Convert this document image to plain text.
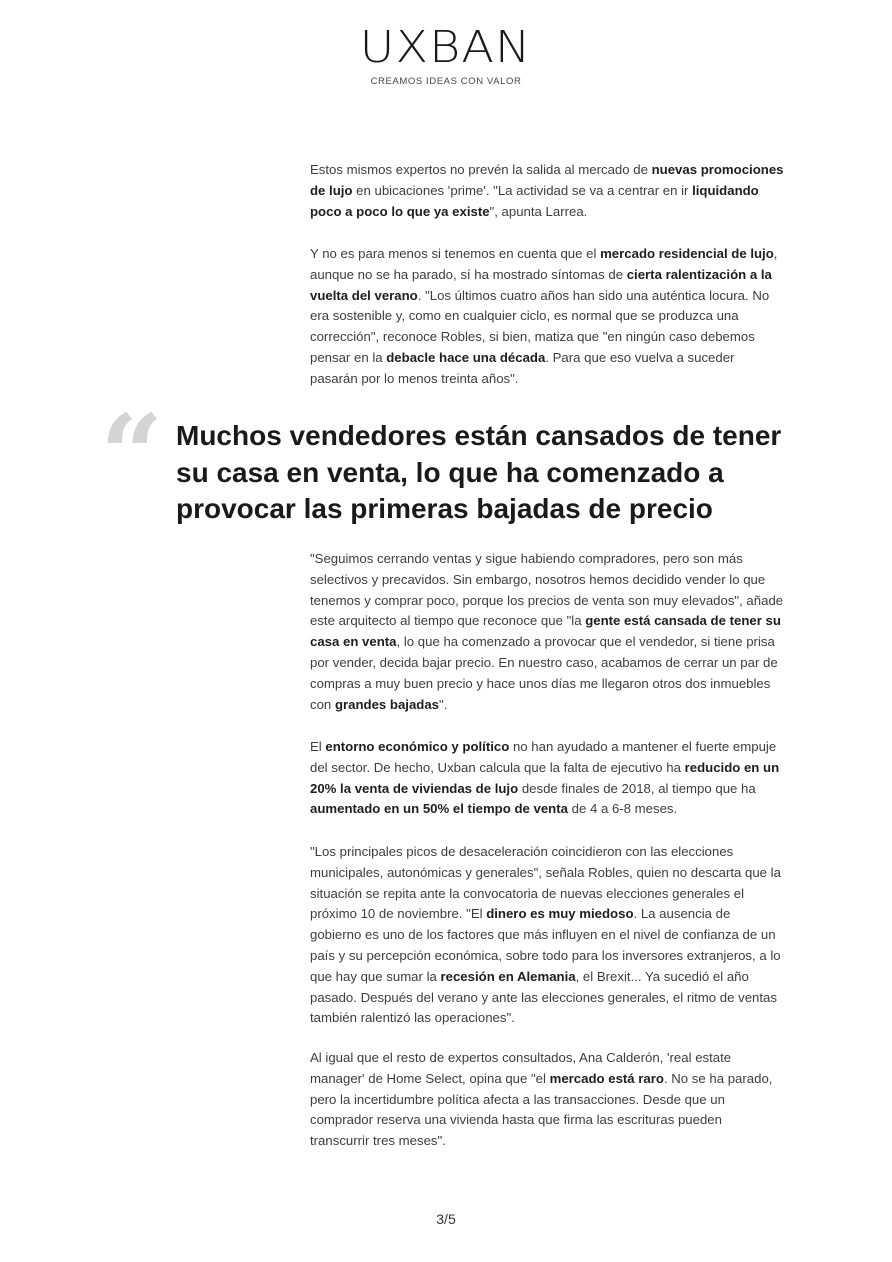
UXBAN
CREAMOS IDEAS CON VALOR

Estos mismos expertos no prevén la salida al mercado de nuevas promociones de lujo en ubicaciones 'prime'. "La actividad se va a centrar en ir liquidando poco a poco lo que ya existe", apunta Larrea.

Y no es para menos si tenemos en cuenta que el mercado residencial de lujo, aunque no se ha parado, sí ha mostrado síntomas de cierta ralentización a la vuelta del verano. "Los últimos cuatro años han sido una auténtica locura. No era sostenible y, como en cualquier ciclo, es normal que se produzca una corrección", reconoce Robles, si bien, matiza que "en ningún caso debemos pensar en la debacle hace una década. Para que eso vuelva a suceder pasarán por lo menos treinta años".

“ Muchos vendedores están cansados de tener su casa en venta, lo que ha comenzado a provocar las primeras bajadas de precio

"Seguimos cerrando ventas y sigue habiendo compradores, pero son más selectivos y precavidos. Sin embargo, nosotros hemos decidido vender lo que tenemos y comprar poco, porque los precios de venta son muy elevados", añade este arquitecto al tiempo que reconoce que "la gente está cansada de tener su casa en venta, lo que ha comenzado a provocar que el vendedor, si tiene prisa por vender, decida bajar precio. En nuestro caso, acabamos de cerrar un par de compras a muy buen precio y hace unos días me llegaron otros dos inmuebles con grandes bajadas".

El entorno económico y político no han ayudado a mantener el fuerte empuje del sector. De hecho, Uxban calcula que la falta de ejecutivo ha reducido en un 20% la venta de viviendas de lujo desde finales de 2018, al tiempo que ha aumentado en un 50% el tiempo de venta de 4 a 6-8 meses.

"Los principales picos de desaceleración coincidieron con las elecciones municipales, autonómicas y generales", señala Robles, quien no descarta que la situación se repita ante la convocatoria de nuevas elecciones generales el próximo 10 de noviembre. "El dinero es muy miedoso. La ausencia de gobierno es uno de los factores que más influyen en el nivel de confianza de un país y su percepción económica, sobre todo para los inversores extranjeros, a lo que hay que sumar la recesión en Alemania, el Brexit... Ya sucedió el año pasado. Después del verano y ante las elecciones generales, el ritmo de ventas también ralentizó las operaciones".

Al igual que el resto de expertos consultados, Ana Calderón, 'real estate manager' de Home Select, opina que "el mercado está raro. No se ha parado, pero la incertidumbre política afecta a las transacciones. Desde que un comprador reserva una vivienda hasta que firma las escrituras pueden transcurrir tres meses".

3/5
